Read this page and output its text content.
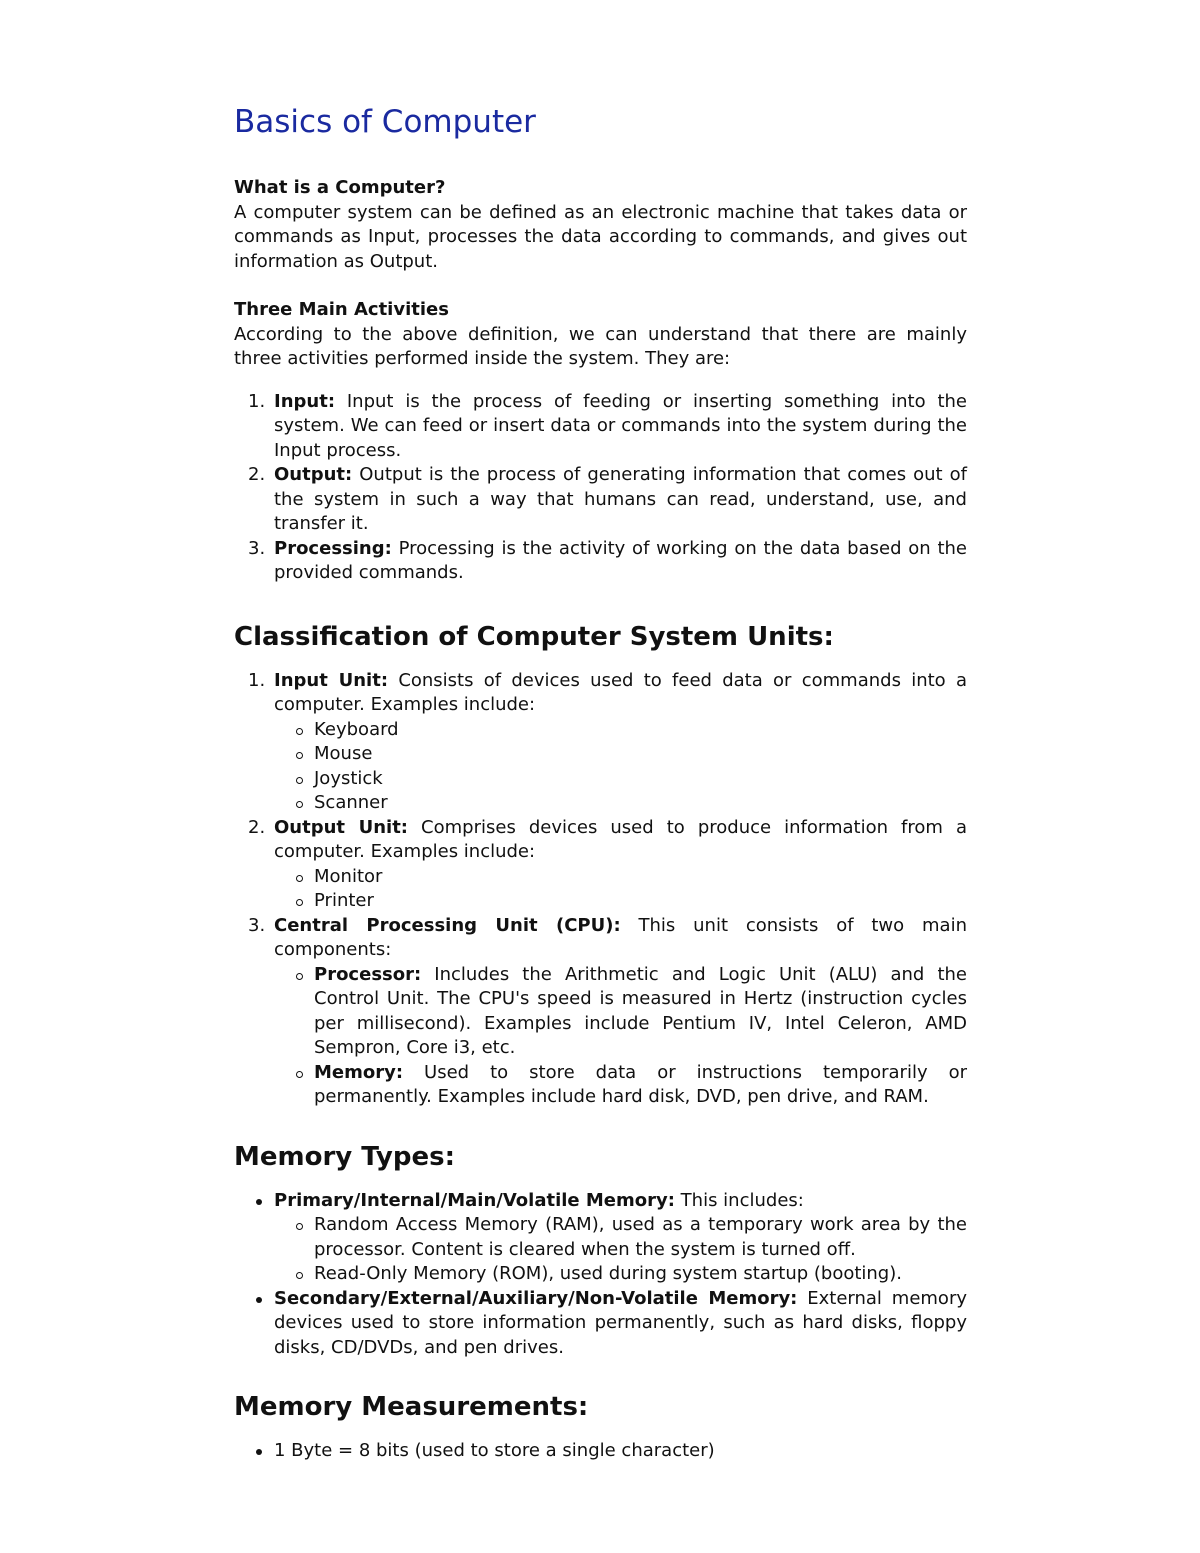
Basics of Computer
What is a Computer?

A computer system can be defined as an electronic machine that takes data or commands as Input, processes the data according to commands, and gives out information as Output.

Three Main Activities

According to the above definition, we can understand that there are mainly three activities performed inside the system. They are:

1. Input: Input is the process of feeding or inserting something into the system. We can feed or insert data or commands into the system during the Input process.
2. Output: Output is the process of generating information that comes out of the system in such a way that humans can read, understand, use, and transfer it.
3. Processing: Processing is the activity of working on the data based on the provided commands.
Classification of Computer System Units:
1. Input Unit: Consists of devices used to feed data or commands into a computer. Examples include:
Keyboard
Mouse
Joystick
Scanner
2. Output Unit: Comprises devices used to produce information from a computer. Examples include:
Monitor
Printer
3. Central Processing Unit (CPU): This unit consists of two main components:
Processor: Includes the Arithmetic and Logic Unit (ALU) and the Control Unit. The CPU's speed is measured in Hertz (instruction cycles per millisecond). Examples include Pentium IV, Intel Celeron, AMD Sempron, Core i3, etc.
Memory: Used to store data or instructions temporarily or permanently. Examples include hard disk, DVD, pen drive, and RAM.
Memory Types:
Primary/Internal/Main/Volatile Memory: This includes:
Random Access Memory (RAM), used as a temporary work area by the processor. Content is cleared when the system is turned off.
Read-Only Memory (ROM), used during system startup (booting).
Secondary/External/Auxiliary/Non-Volatile Memory: External memory devices used to store information permanently, such as hard disks, floppy disks, CD/DVDs, and pen drives.
Memory Measurements:
1 Byte = 8 bits (used to store a single character)
